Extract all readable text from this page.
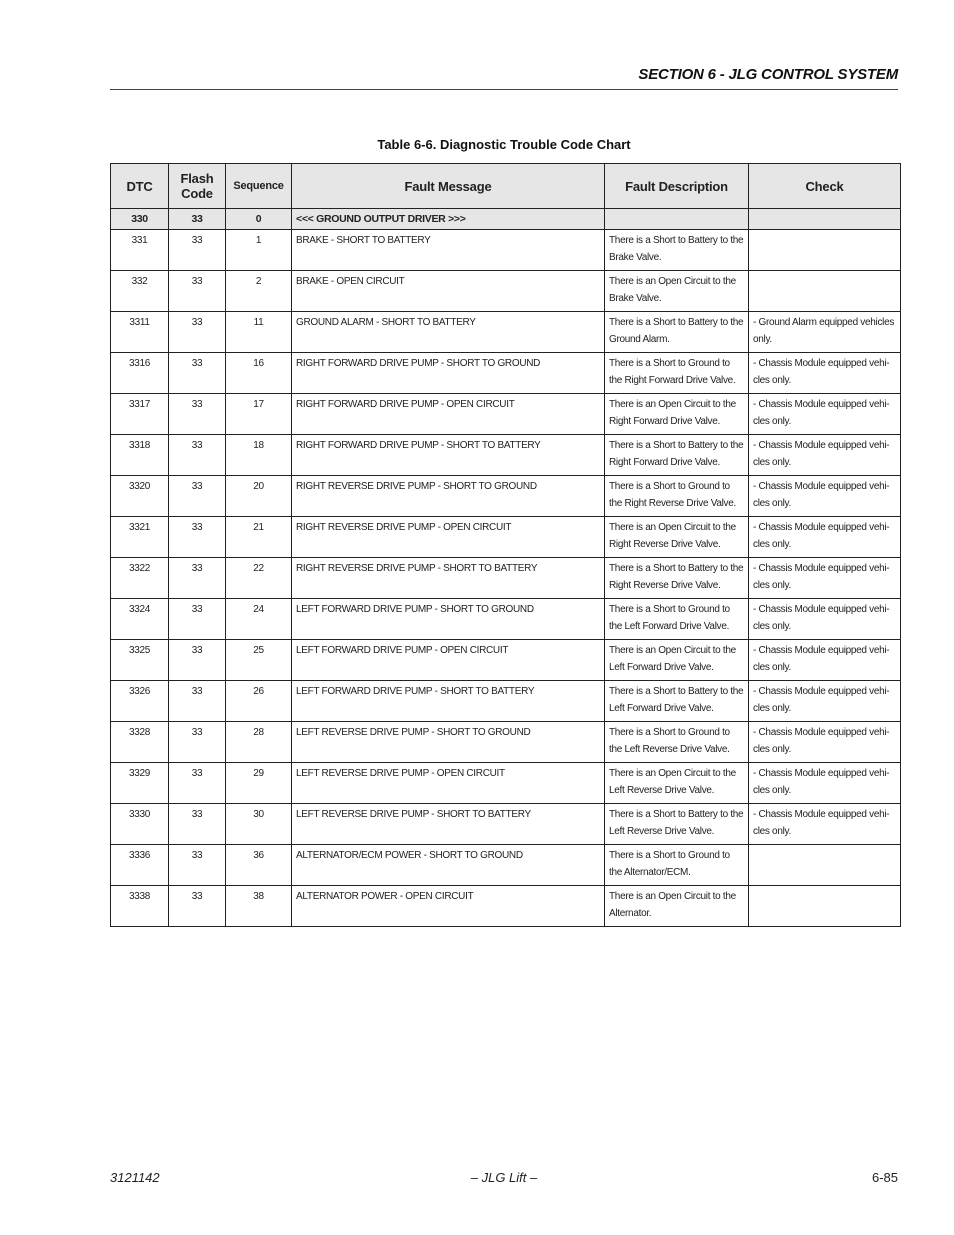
SECTION 6 - JLG CONTROL SYSTEM
Table 6-6. Diagnostic Trouble Code Chart
DTC	Flash Code	Sequence	Fault Message	Fault Description	Check
330	33	0	<<< GROUND OUTPUT DRIVER >>>		
331	33	1	BRAKE - SHORT TO BATTERY	There is a Short to Battery to the Brake Valve.	
332	33	2	BRAKE - OPEN CIRCUIT	There is an Open Circuit to the Brake Valve.	
3311	33	11	GROUND ALARM - SHORT TO BATTERY	There is a Short to Battery to the Ground Alarm.	- Ground Alarm equipped vehicles only.
3316	33	16	RIGHT FORWARD DRIVE PUMP - SHORT TO GROUND	There is a Short to Ground to the Right Forward Drive Valve.	- Chassis Module equipped vehi-cles only.
3317	33	17	RIGHT FORWARD DRIVE PUMP - OPEN CIRCUIT	There is an Open Circuit to the Right Forward Drive Valve.	- Chassis Module equipped vehi-cles only.
3318	33	18	RIGHT FORWARD DRIVE PUMP - SHORT TO BATTERY	There is a Short to Battery to the Right Forward Drive Valve.	- Chassis Module equipped vehi-cles only.
3320	33	20	RIGHT REVERSE DRIVE PUMP - SHORT TO GROUND	There is a Short to Ground to the Right Reverse Drive Valve.	- Chassis Module equipped vehi-cles only.
3321	33	21	RIGHT REVERSE DRIVE PUMP - OPEN CIRCUIT	There is an Open Circuit to the Right Reverse Drive Valve.	- Chassis Module equipped vehi-cles only.
3322	33	22	RIGHT REVERSE DRIVE PUMP - SHORT TO BATTERY	There is a Short to Battery to the Right Reverse Drive Valve.	- Chassis Module equipped vehi-cles only.
3324	33	24	LEFT FORWARD DRIVE PUMP - SHORT TO GROUND	There is a Short to Ground to the Left Forward Drive Valve.	- Chassis Module equipped vehi-cles only.
3325	33	25	LEFT FORWARD DRIVE PUMP - OPEN CIRCUIT	There is an Open Circuit to the Left Forward Drive Valve.	- Chassis Module equipped vehi-cles only.
3326	33	26	LEFT FORWARD DRIVE PUMP - SHORT TO BATTERY	There is a Short to Battery to the Left Forward Drive Valve.	- Chassis Module equipped vehi-cles only.
3328	33	28	LEFT REVERSE DRIVE PUMP - SHORT TO GROUND	There is a Short to Ground to the Left Reverse Drive Valve.	- Chassis Module equipped vehi-cles only.
3329	33	29	LEFT REVERSE DRIVE PUMP - OPEN CIRCUIT	There is an Open Circuit to the Left Reverse Drive Valve.	- Chassis Module equipped vehi-cles only.
3330	33	30	LEFT REVERSE DRIVE PUMP - SHORT TO BATTERY	There is a Short to Battery to the Left Reverse Drive Valve.	- Chassis Module equipped vehi-cles only.
3336	33	36	ALTERNATOR/ECM POWER - SHORT TO GROUND	There is a Short to Ground to the Alternator/ECM.	
3338	33	38	ALTERNATOR POWER - OPEN CIRCUIT	There is an Open Circuit to the Alternator.	
3121142	– JLG Lift –	6-85
